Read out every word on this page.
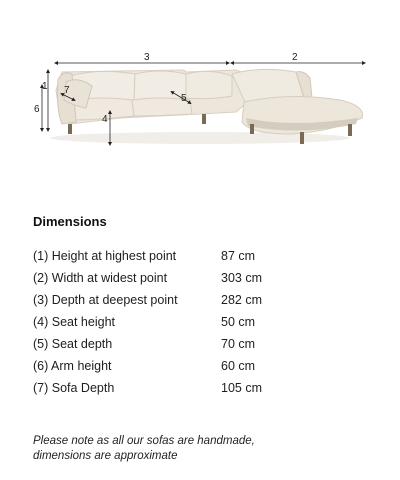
3	2
1
6
4
5
7
Dimensions
(1) Height at highest point	87 cm
(2) Width at widest point	303 cm
(3) Depth at deepest point	282 cm
(4) Seat height	50 cm
(5) Seat depth	70 cm
(6) Arm height	60 cm
(7) Sofa Depth	105 cm
Please note as all our sofas are handmade,
dimensions are approximate
